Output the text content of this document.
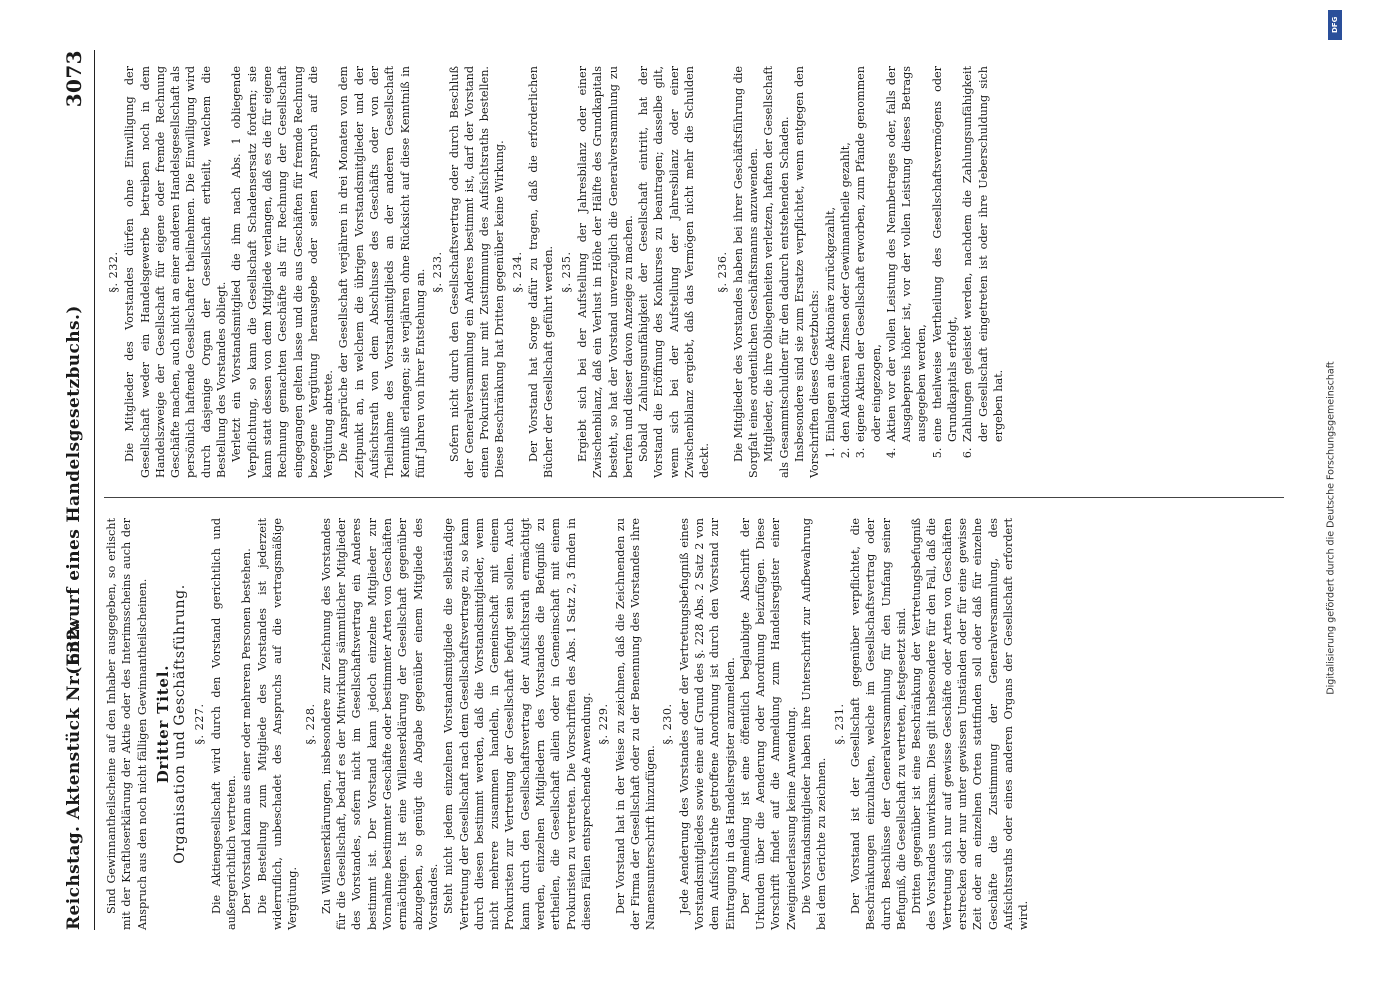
Reichstag. Aktenstück Nr. 632.
(Entwurf eines Handelsgesetzbuchs.)
3073

Sind Gewinnantheilscheine auf den Inhaber ausgegeben, so erlischt mit der Kraftloserklärung der Aktie oder des Interimsscheins auch der Anspruch aus den noch nicht fälligen Gewinnantheilscheinen. Dritter Titel. Organisation und Geschäftsführung. §. 227. Die Aktiengesellschaft wird durch den Vorstand gerichtlich und außergerichtlich vertreten. Der Vorstand kann aus einer oder mehreren Personen bestehen. Die Bestellung zum Mitgliede des Vorstandes ist jederzeit widerruflich, unbeschadet des Anspruchs auf die vertragsmäßige Vergütung.

§. 228. Zu Willenserklärungen, insbesondere zur Zeichnung des Vorstandes für die Gesellschaft, bedarf es der Mitwirkung sämmtlicher Mitglieder des Vorstandes, sofern nicht im Gesellschaftsvertrag ein Anderes bestimmt ist. Der Vorstand kann jedoch einzelne Mitglieder zur Vornahme bestimmter Geschäfte oder bestimmter Arten von Geschäften ermächtigen. Ist eine Willenserklärung der Gesellschaft gegenüber abzugeben, so genügt die Abgabe gegenüber einem Mitgliede des Vorstandes. Steht nicht jedem einzelnen Vorstandsmitgliede die selbständige Vertretung der Gesellschaft nach dem Gesellschaftsvertrage zu, so kann durch diesen bestimmt werden, daß die Vorstandsmitglieder, wenn nicht mehrere zusammen handeln, in Gemeinschaft mit einem Prokuristen zur Vertretung der Gesellschaft befugt sein sollen. Auch kann durch den Gesellschaftsvertrag der Aufsichtsrath ermächtigt werden, einzelnen Mitgliedern des Vorstandes die Befugniß zu ertheilen, die Gesellschaft allein oder in Gemeinschaft mit einem Prokuristen zu vertreten. Die Vorschriften des Abs. 1 Satz 2, 3 finden in diesen Fällen entsprechende Anwendung. §. 229. Der Vorstand hat in der Weise zu zeichnen, daß die Zeichnenden zu der Firma der Gesellschaft oder zu der Benennung des Vorstandes ihre Namensunterschrift hinzufügen.

§. 230. Jede Aenderung des Vorstandes oder der Vertretungsbefugniß eines Vorstandsmitgliedes sowie eine auf Grund des §. 228 Abs. 2 Satz 2 von dem Aufsichtsrathe getroffene Anordnung ist durch den Vorstand zur Eintragung in das Handelsregister anzumelden. Der Anmeldung ist eine öffentlich beglaubigte Abschrift der Urkunden über die Aenderung oder Anordnung beizufügen. Diese Vorschrift findet auf die Anmeldung zum Handelsregister einer Zweigniederlassung keine Anwendung. Die Vorstandsmitglieder haben ihre Unterschrift zur Aufbewahrung bei dem Gerichte zu zeichnen.

§. 231. Der Vorstand ist der Gesellschaft gegenüber verpflichtet, die Beschränkungen einzuhalten, welche im Gesellschaftsvertrag oder durch Beschlüsse der Generalversammlung für den Umfang seiner Befugniß, die Gesellschaft zu vertreten, festgesetzt sind. Dritten gegenüber ist eine Beschränkung der Vertretungsbefugniß des Vorstandes unwirksam. Dies gilt insbesondere für den Fall, daß die Vertretung sich nur auf gewisse Geschäfte oder Arten von Geschäften erstrecken oder nur unter gewissen Umständen oder für eine gewisse Zeit oder an einzelnen Orten stattfinden soll oder daß für einzelne Geschäfte die Zustimmung der Generalversammlung, des Aufsichtsraths oder eines anderen Organs der Gesellschaft erfordert wird.

§. 232. Die Mitglieder des Vorstandes dürfen ohne Einwilligung der Gesellschaft weder ein Handelsgewerbe betreiben noch in dem Handelszweige der Gesellschaft für eigene oder fremde Rechnung Geschäfte machen, auch nicht an einer anderen Handelsgesellschaft als persönlich haftende Gesellschafter theilnehmen. Die Einwilligung wird durch dasjenige Organ der Gesellschaft ertheilt, welchem die Bestellung des Vorstandes obliegt. Verletzt ein Vorstandsmitglied die ihm nach Abs. 1 obliegende Verpflichtung, so kann die Gesellschaft Schadensersatz fordern; sie kann statt dessen von dem Mitgliede verlangen, daß es die für eigene Rechnung gemachten Geschäfte als für Rechnung der Gesellschaft eingegangen gelten lasse und die aus Geschäften für fremde Rechnung bezogene Vergütung herausgebe oder seinen Anspruch auf die Vergütung abtrete. Die Ansprüche der Gesellschaft verjähren in drei Monaten von dem Zeitpunkt an, in welchem die übrigen Vorstandsmitglieder und der Aufsichtsrath von dem Abschlusse des Geschäfts oder von der Theilnahme des Vorstandsmitglieds an der anderen Gesellschaft Kenntniß erlangen; sie verjähren ohne Rücksicht auf diese Kenntniß in fünf Jahren von ihrer Entstehung an. §. 233. Sofern nicht durch den Gesellschaftsvertrag oder durch Beschluß der Generalversammlung ein Anderes bestimmt ist, darf der Vorstand einen Prokuristen nur mit Zustimmung des Aufsichtsraths bestellen. Diese Beschränkung hat Dritten gegenüber keine Wirkung. §. 234. Der Vorstand hat Sorge dafür zu tragen, daß die erforderlichen Bücher der Gesellschaft geführt werden. §. 235. Ergiebt sich bei der Aufstellung der Jahresbilanz oder einer Zwischenbilanz, daß ein Verlust in Höhe der Hälfte des Grundkapitals besteht, so hat der Vorstand unverzüglich die Generalversammlung zu berufen und dieser davon Anzeige zu machen. Sobald Zahlungsunfähigkeit der Gesellschaft eintritt, hat der Vorstand die Eröffnung des Konkurses zu beantragen; dasselbe gilt, wenn sich bei der Aufstellung der Jahresbilanz oder einer Zwischenbilanz ergiebt, daß das Vermögen nicht mehr die Schulden deckt.

§. 236. Die Mitglieder des Vorstandes haben bei ihrer Geschäftsführung die Sorgfalt eines ordentlichen Geschäftsmanns anzuwenden. Mitglieder, die ihre Obliegenheiten verletzen, haften der Gesellschaft als Gesammtschuldner für den dadurch entstehenden Schaden. Insbesondere sind sie zum Ersatze verpflichtet, wenn entgegen den Vorschriften dieses Gesetzbuchs: 1. Einlagen an die Aktionäre zurückgezahlt, 2. den Aktionären Zinsen oder Gewinnantheile gezahlt, 3. eigene Aktien der Gesellschaft erworben, zum Pfande genommen oder eingezogen, 4. Aktien vor der vollen Leistung des Nennbetrages oder, falls der Ausgabepreis höher ist, vor der vollen Leistung dieses Betrags ausgegeben werden, 5. eine theilweise Vertheilung des Gesellschaftsvermögens oder Grundkapitals erfolgt, 6. Zahlungen geleistet werden, nachdem die Zahlungsunfähigkeit der Gesellschaft eingetreten ist oder ihre Ueberschuldung sich ergeben hat.
DFG
Digitalisierung gefördert durch die Deutsche Forschungsgemeinschaft
